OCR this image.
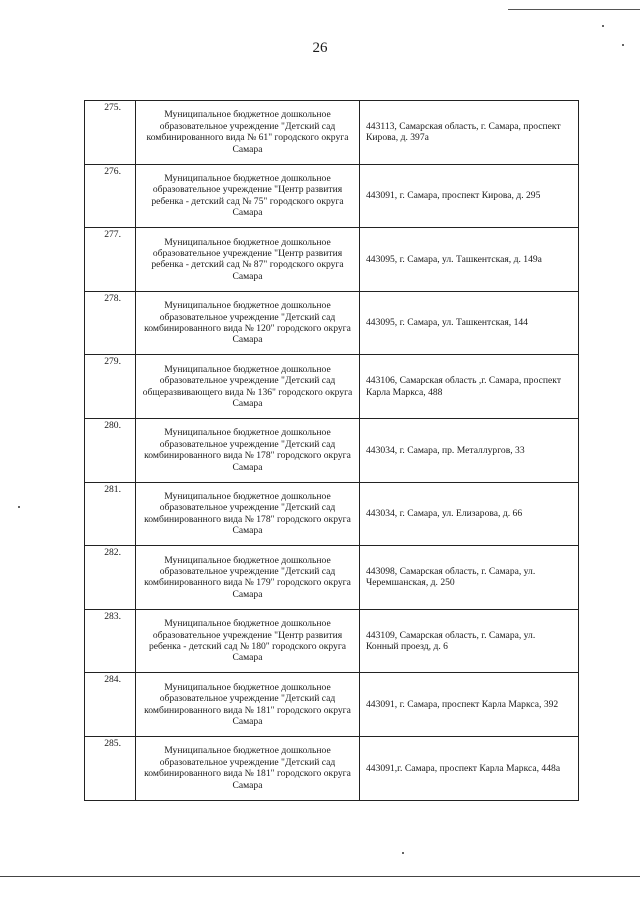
26
275.	Муниципальное бюджетное дошкольное образовательное учреждение "Детский сад комбинированного вида № 61" городского округа Самара	443113, Самарская область, г. Самара, проспект Кирова, д. 397а
276.	Муниципальное бюджетное дошкольное образовательное учреждение "Центр развития ребенка - детский сад № 75" городского округа Самара	443091, г. Самара, проспект Кирова, д. 295
277.	Муниципальное бюджетное дошкольное образовательное учреждение "Центр развития ребенка - детский сад № 87" городского округа Самара	443095, г. Самара, ул. Ташкентская, д. 149а
278.	Муниципальное бюджетное дошкольное образовательное учреждение "Детский сад комбинированного вида № 120" городского округа Самара	443095, г. Самара, ул. Ташкентская, 144
279.	Муниципальное бюджетное дошкольное образовательное учреждение "Детский сад общеразвивающего вида № 136" городского округа Самара	443106, Самарская область ,г. Самара, проспект Карла Маркса, 488
280.	Муниципальное бюджетное дошкольное образовательное учреждение "Детский сад комбинированного вида № 178" городского округа Самара	443034, г. Самара, пр. Металлургов, 33
281.	Муниципальное бюджетное дошкольное образовательное учреждение "Детский сад комбинированного вида № 178" городского округа Самара	443034, г. Самара, ул. Елизарова, д. 66
282.	Муниципальное бюджетное дошкольное образовательное учреждение "Детский сад комбинированного вида № 179" городского округа Самара	443098, Самарская область, г. Самара, ул. Черемшанская, д. 250
283.	Муниципальное бюджетное дошкольное образовательное учреждение "Центр развития ребенка - детский сад № 180" городского округа Самара	443109, Самарская область, г. Самара, ул. Конный проезд, д. 6
284.	Муниципальное бюджетное дошкольное образовательное учреждение "Детский сад комбинированного вида № 181" городского округа Самара	443091, г. Самара, проспект Карла Маркса, 392
285.	Муниципальное бюджетное дошкольное образовательное учреждение "Детский сад комбинированного вида № 181" городского округа Самара	443091,г. Самара, проспект Карла Маркса, 448а
